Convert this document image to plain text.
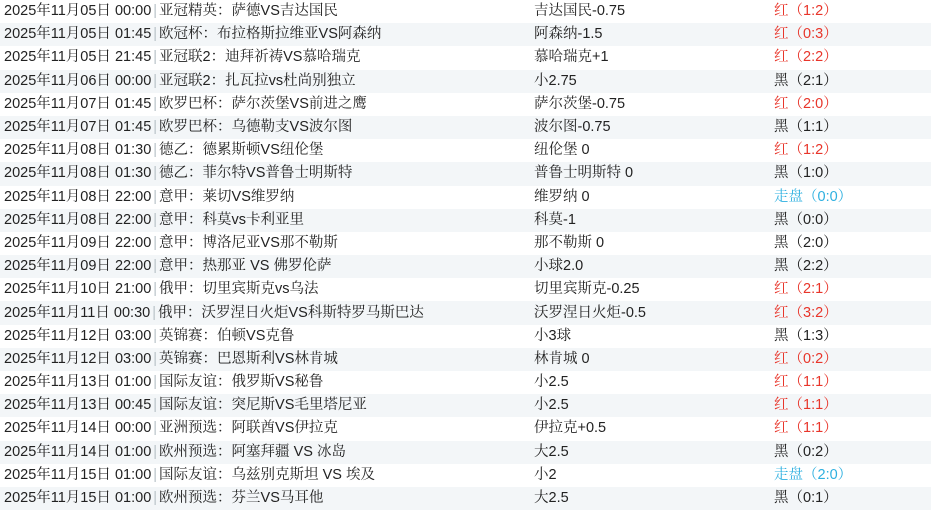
2025年11月05日 00:00 | 亚冠精英：萨德VS吉达国民	吉达国民-0.75	红（1:2）
2025年11月05日 01:45 | 欧冠杯：布拉格斯拉维亚VS阿森纳	阿森纳-1.5	红（0:3）
2025年11月05日 21:45 | 亚冠联2：迪拜祈祷VS慕哈瑞克	慕哈瑞克+1	红（2:2）
2025年11月06日 00:00 | 亚冠联2：扎瓦拉vs杜尚别独立	小2.75	黑（2:1）
2025年11月07日 01:45 | 欧罗巴杯：萨尔茨堡VS前进之鹰	萨尔茨堡-0.75	红（2:0）
2025年11月07日 01:45 | 欧罗巴杯：乌德勒支VS波尔图	波尔图-0.75	黑（1:1）
2025年11月08日 01:30 | 德乙：德累斯顿VS纽伦堡	纽伦堡 0	红（1:2）
2025年11月08日 01:30 | 德乙：菲尔特VS普鲁士明斯特	普鲁士明斯特 0	黑（1:0）
2025年11月08日 22:00 | 意甲：莱切VS维罗纳	维罗纳 0	走盘（0:0）
2025年11月08日 22:00 | 意甲：科莫vs卡利亚里	科莫-1	黑（0:0）
2025年11月09日 22:00 | 意甲：博洛尼亚VS那不勒斯	那不勒斯 0	黑（2:0）
2025年11月09日 22:00 | 意甲：热那亚 VS 佛罗伦萨	小球2.0	黑（2:2）
2025年11月10日 21:00 | 俄甲：切里宾斯克vs乌法	切里宾斯克-0.25	红（2:1）
2025年11月11日 00:30 | 俄甲：沃罗涅日火炬VS科斯特罗马斯巴达	沃罗涅日火炬-0.5	红（3:2）
2025年11月12日 03:00 | 英锦赛：伯顿VS克鲁	小3球	黑（1:3）
2025年11月12日 03:00 | 英锦赛：巴恩斯利VS林肯城	林肯城 0	红（0:2）
2025年11月13日 01:00 | 国际友谊：俄罗斯VS秘鲁	小2.5	红（1:1）
2025年11月13日 00:45 | 国际友谊：突尼斯VS毛里塔尼亚	小2.5	红（1:1）
2025年11月14日 00:00 | 亚洲预选：阿联酋VS伊拉克	伊拉克+0.5	红（1:1）
2025年11月14日 01:00 | 欧州预选：阿塞拜疆 VS 冰岛	大2.5	黑（0:2）
2025年11月15日 01:00 | 国际友谊：乌兹别克斯坦 VS 埃及	小2	走盘（2:0）
2025年11月15日 01:00 | 欧州预选：芬兰VS马耳他	大2.5	黑（0:1）
